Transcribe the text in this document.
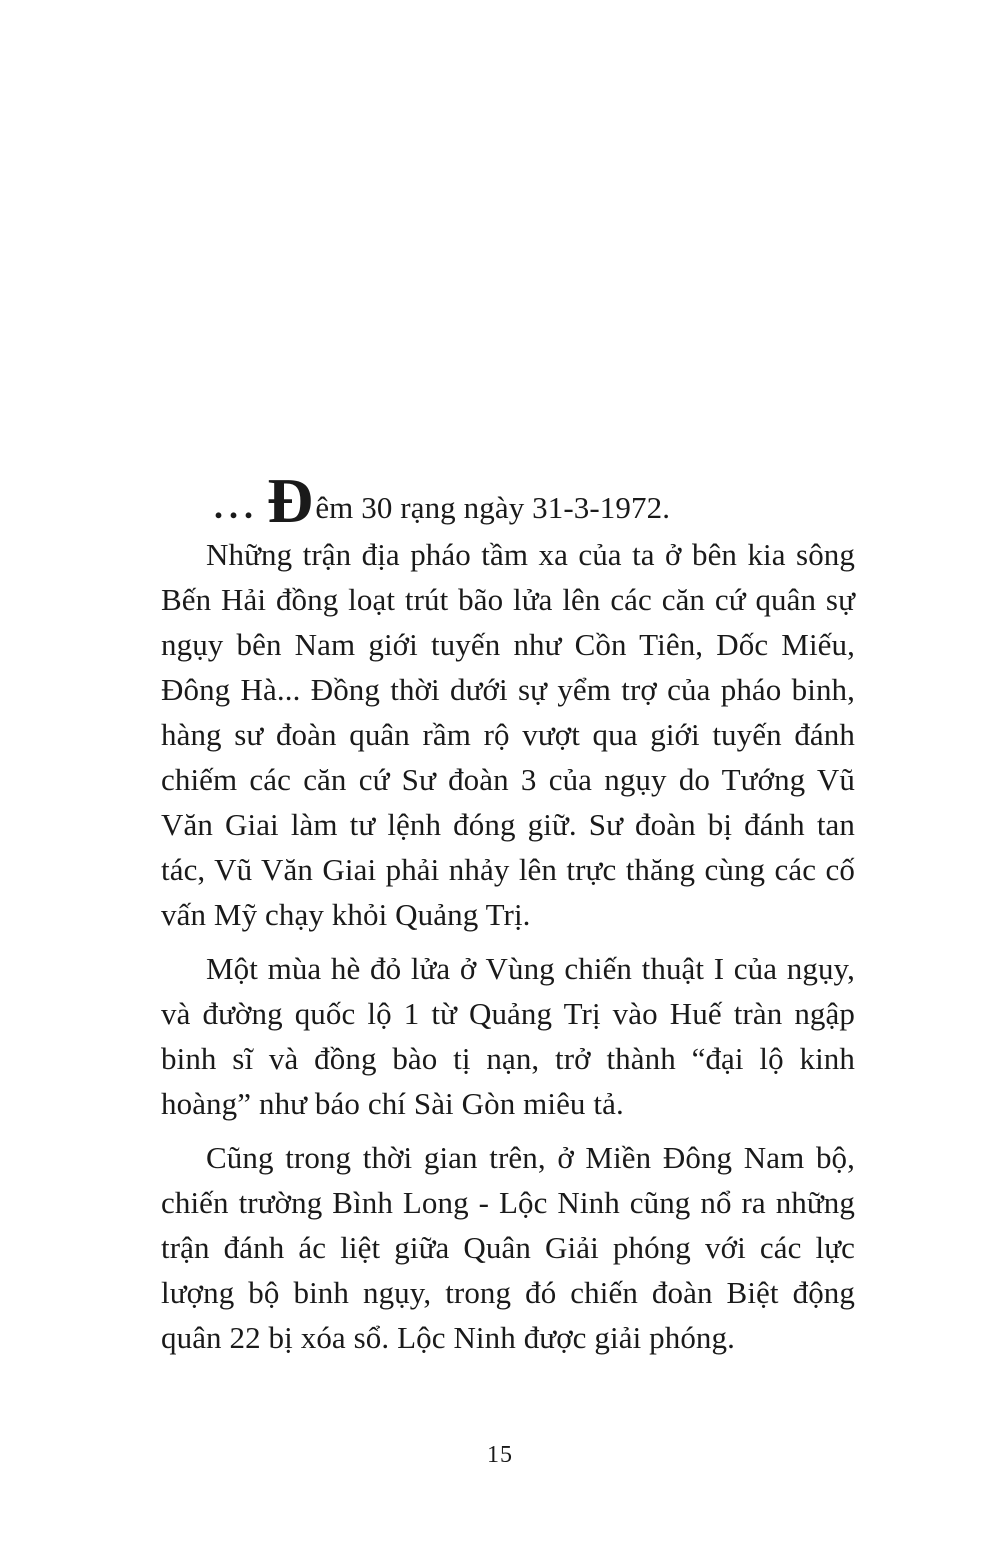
... Đêm 30 rạng ngày 31-3-1972.

Những trận địa pháo tầm xa của ta ở bên kia sông Bến Hải đồng loạt trút bão lửa lên các căn cứ quân sự ngụy bên Nam giới tuyến như Cồn Tiên, Dốc Miếu, Đông Hà... Đồng thời dưới sự yểm trợ của pháo binh, hàng sư đoàn quân rầm rộ vượt qua giới tuyến đánh chiếm các căn cứ Sư đoàn 3 của ngụy do Tướng Vũ Văn Giai làm tư lệnh đóng giữ. Sư đoàn bị đánh tan tác, Vũ Văn Giai phải nhảy lên trực thăng cùng các cố vấn Mỹ chạy khỏi Quảng Trị.

Một mùa hè đỏ lửa ở Vùng chiến thuật I của ngụy, và đường quốc lộ 1 từ Quảng Trị vào Huế tràn ngập binh sĩ và đồng bào tị nạn, trở thành “đại lộ kinh hoàng” như báo chí Sài Gòn miêu tả.

Cũng trong thời gian trên, ở Miền Đông Nam bộ, chiến trường Bình Long - Lộc Ninh cũng nổ ra những trận đánh ác liệt giữa Quân Giải phóng với các lực lượng bộ binh ngụy, trong đó chiến đoàn Biệt động quân 22 bị xóa sổ. Lộc Ninh được giải phóng.

15
